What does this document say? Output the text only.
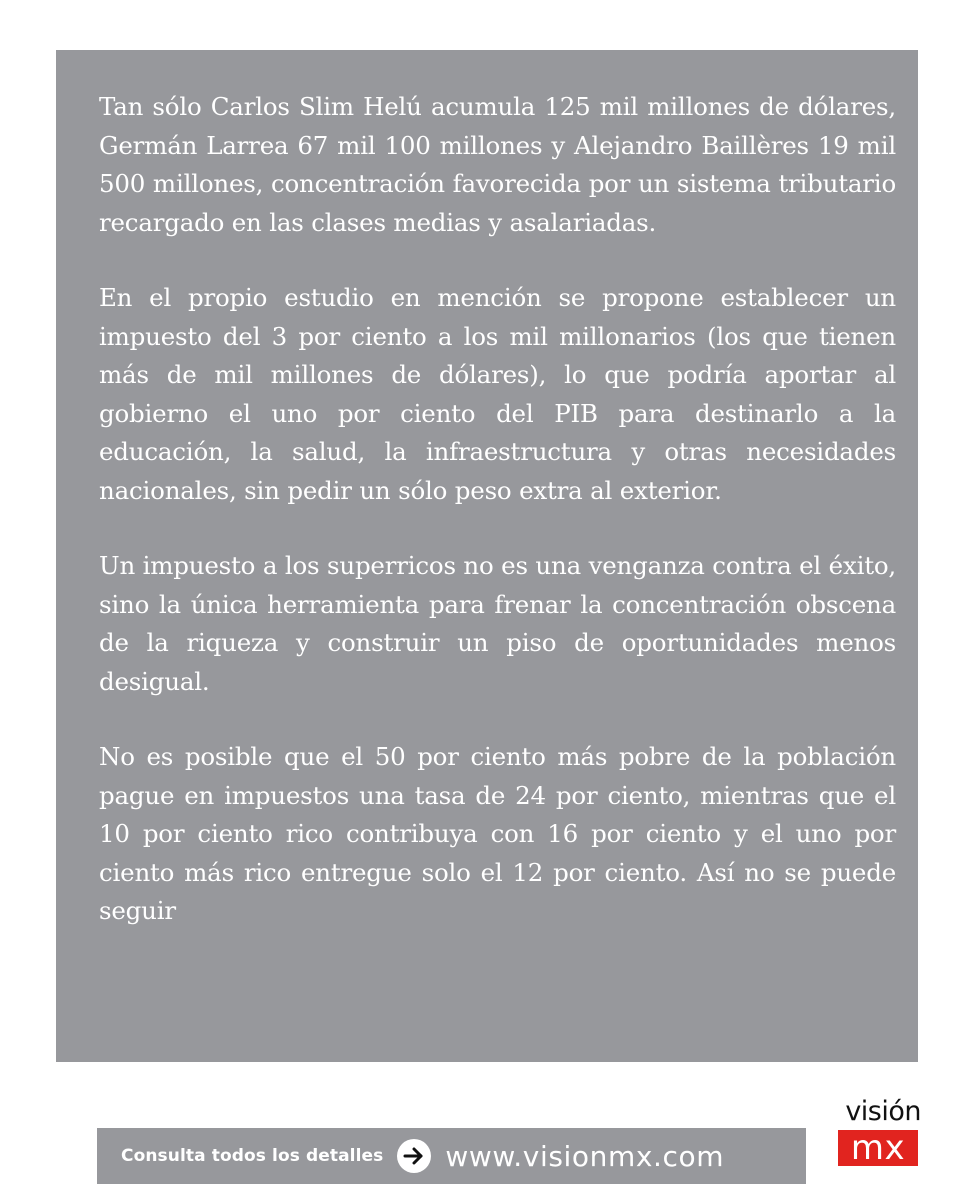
Tan sólo Carlos Slim Helú acumula 125 mil millones de dólares, Germán Larrea 67 mil 100 millones y Alejandro Baillères 19 mil 500 millones, concentración favorecida por un sistema tributario recargado en las clases medias y asalariadas.

En el propio estudio en mención se propone establecer un impuesto del 3 por ciento a los mil millonarios (los que tienen más de mil millones de dólares), lo que podría aportar al gobierno el uno por ciento del PIB para destinarlo a la educación, la salud, la infraestructura y otras necesidades nacionales, sin pedir un sólo peso extra al exterior.

Un impuesto a los superricos no es una venganza contra el éxito, sino la única herramienta para frenar la concentración obscena de la riqueza y construir un piso de oportunidades menos desigual.

No es posible que el 50 por ciento más pobre de la población pague en impuestos una tasa de 24 por ciento, mientras que el 10 por ciento rico contribuya con 16 por ciento y el uno por ciento más rico entregue solo el 12 por ciento. Así no se puede seguir

Consulta todos los detalles www.visionmx.com
visión
mx
